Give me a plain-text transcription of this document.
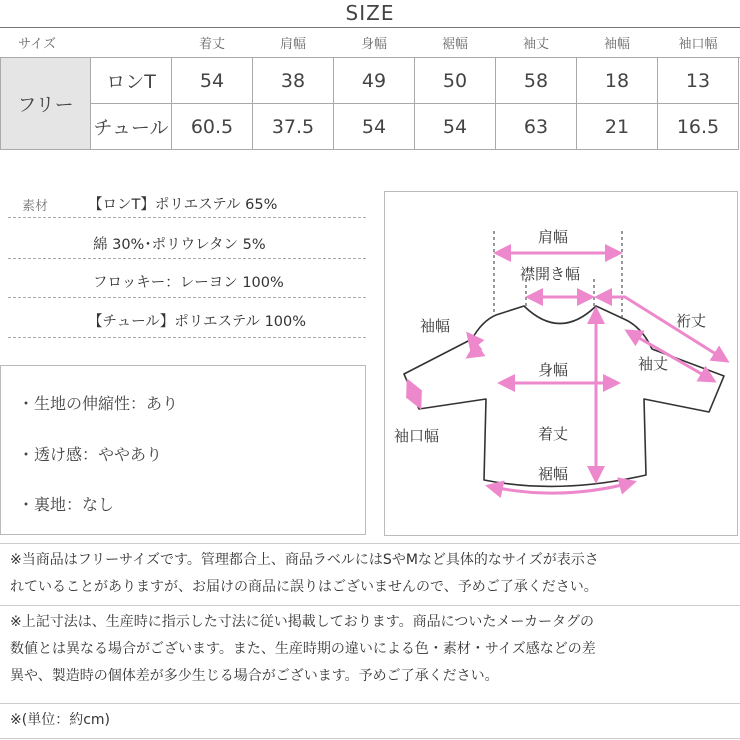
SIZE
サイズ	着丈	肩幅	身幅	裾幅	袖丈	袖幅	袖口幅
フリー	ロンT	54	38	49	50	58	18	13
	チュール	60.5	37.5	54	54	63	21	16.5
素材	【ロンT】ポリエステル 65%
綿 30%･ポリウレタン 5%
フロッキー：レーヨン 100%
【チュール】ポリエステル 100%
・生地の伸縮性：あり
・透け感：ややあり
・裏地：なし
肩幅
襟開き幅
裄丈
袖幅
袖丈
身幅
袖口幅	着丈
裾幅
※当商品はフリーサイズです。管理都合上、商品ラベルにはSやMなど具体的なサイズが表示さ
れていることがありますが、お届けの商品に誤りはございませんので、予めご了承ください。
※上記寸法は、生産時に指示した寸法に従い掲載しております。商品についたメーカータグの
数値とは異なる場合がございます。また、生産時期の違いによる色・素材・サイズ感などの差
異や、製造時の個体差が多少生じる場合がございます。予めご了承ください。
※(単位：約cm)
